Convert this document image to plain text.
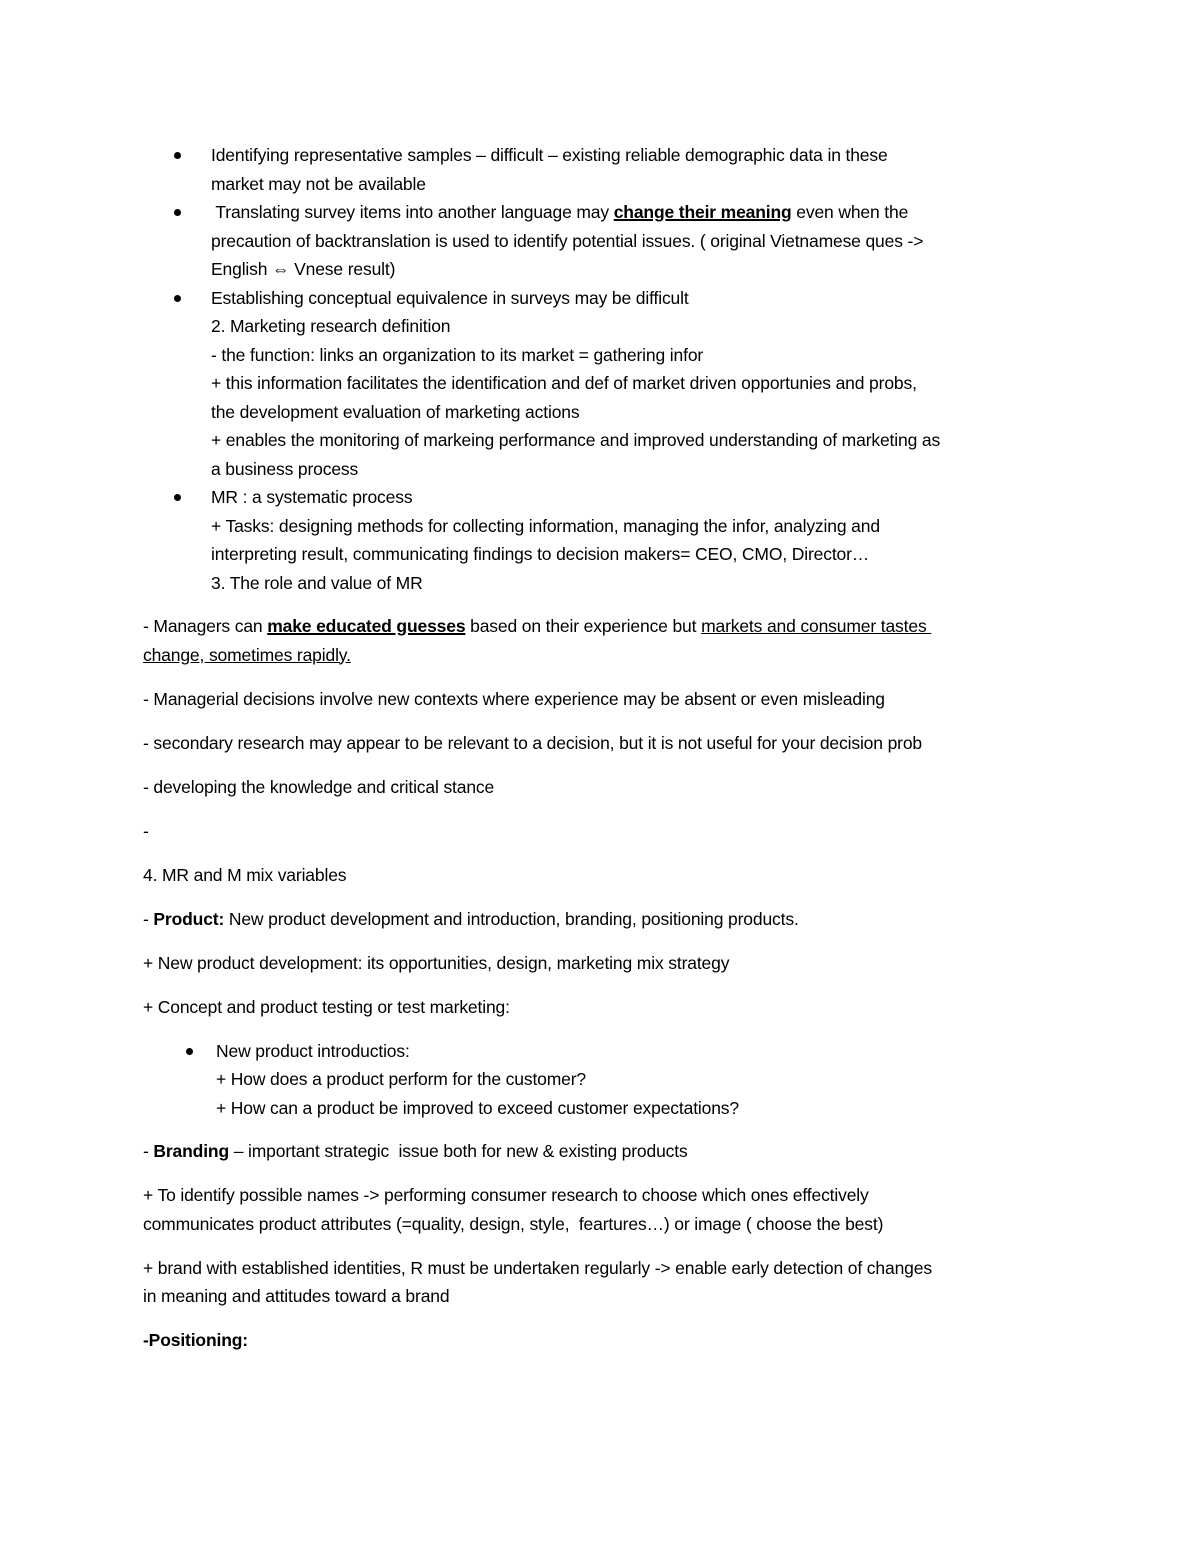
Identifying representative samples – difficult – existing reliable demographic data in these
market may not be available
Translating survey items into another language may change their meaning even when the
precaution of backtranslation is used to identify potential issues. ( original Vietnamese ques ->
English ⇔ Vnese result)
Establishing conceptual equivalence in surveys may be difficult
2. Marketing research definition
- the function: links an organization to its market = gathering infor
+ this information facilitates the identification and def of market driven opportunies and probs,
the development evaluation of marketing actions
+ enables the monitoring of markeing performance and improved understanding of marketing as
a business process
MR : a systematic process
+ Tasks: designing methods for collecting information, managing the infor, analyzing and
interpreting result, communicating findings to decision makers= CEO, CMO, Director…
3. The role and value of MR
- Managers can make educated guesses based on their experience but markets and consumer tastes
change, sometimes rapidly.
- Managerial decisions involve new contexts where experience may be absent or even misleading
- secondary research may appear to be relevant to a decision, but it is not useful for your decision prob
- developing the knowledge and critical stance
-
4. MR and M mix variables
- Product: New product development and introduction, branding, positioning products.
+ New product development: its opportunities, design, marketing mix strategy
+ Concept and product testing or test marketing:
New product introductios:
+ How does a product perform for the customer?
+ How can a product be improved to exceed customer expectations?
- Branding – important strategic  issue both for new & existing products
+ To identify possible names -> performing consumer research to choose which ones effectively
communicates product attributes (=quality, design, style,  feartures…) or image ( choose the best)
+ brand with established identities, R must be undertaken regularly -> enable early detection of changes
in meaning and attitudes toward a brand
-Positioning:
